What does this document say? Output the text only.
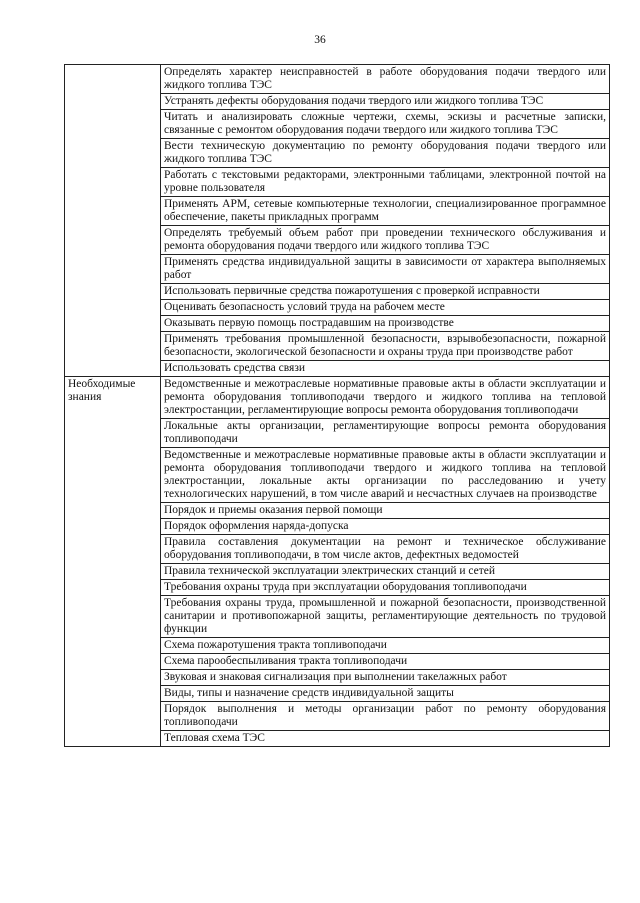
36
	Определять характер неисправностей в работе оборудования подачи твердого или жидкого топлива ТЭС
	Устранять дефекты оборудования подачи твердого или жидкого топлива ТЭС
	Читать и анализировать сложные чертежи, схемы, эскизы и расчетные записки, связанные с ремонтом оборудования подачи твердого или жидкого топлива ТЭС
	Вести техническую документацию по ремонту оборудования подачи твердого или жидкого топлива ТЭС
	Работать с текстовыми редакторами, электронными таблицами, электронной почтой на уровне пользователя
	Применять АРМ, сетевые компьютерные технологии, специализированное программное обеспечение, пакеты прикладных программ
	Определять требуемый объем работ при проведении технического обслуживания и ремонта оборудования подачи твердого или жидкого топлива ТЭС
	Применять средства индивидуальной защиты в зависимости от характера выполняемых работ
	Использовать первичные средства пожаротушения с проверкой исправности
	Оценивать безопасность условий труда на рабочем месте
	Оказывать первую помощь пострадавшим на производстве
	Применять требования промышленной безопасности, взрывобезопасности, пожарной безопасности, экологической безопасности и охраны труда при производстве работ
	Использовать средства связи
Необходимые знания	Ведомственные и межотраслевые нормативные правовые акты в области эксплуатации и ремонта оборудования топливоподачи твердого и жидкого топлива на тепловой электростанции, регламентирующие вопросы ремонта оборудования топливоподачи
	Локальные акты организации, регламентирующие вопросы ремонта оборудования топливоподачи
	Ведомственные и межотраслевые нормативные правовые акты в области эксплуатации и ремонта оборудования топливоподачи твердого и жидкого топлива на тепловой электростанции, локальные акты организации по расследованию и учету технологических нарушений, в том числе аварий и несчастных случаев на производстве
	Порядок и приемы оказания первой помощи
	Порядок оформления наряда-допуска
	Правила составления документации на ремонт и техническое обслуживание оборудования топливоподачи, в том числе актов, дефектных ведомостей
	Правила технической эксплуатации электрических станций и сетей
	Требования охраны труда при эксплуатации оборудования топливоподачи
	Требования охраны труда, промышленной и пожарной безопасности, производственной санитарии и противопожарной защиты, регламентирующие деятельность по трудовой функции
	Схема пожаротушения тракта топливоподачи
	Схема парообеспыливания тракта топливоподачи
	Звуковая и знаковая сигнализация при выполнении такелажных работ
	Виды, типы и назначение средств индивидуальной защиты
	Порядок выполнения и методы организации работ по ремонту оборудования топливоподачи
	Тепловая схема ТЭС
